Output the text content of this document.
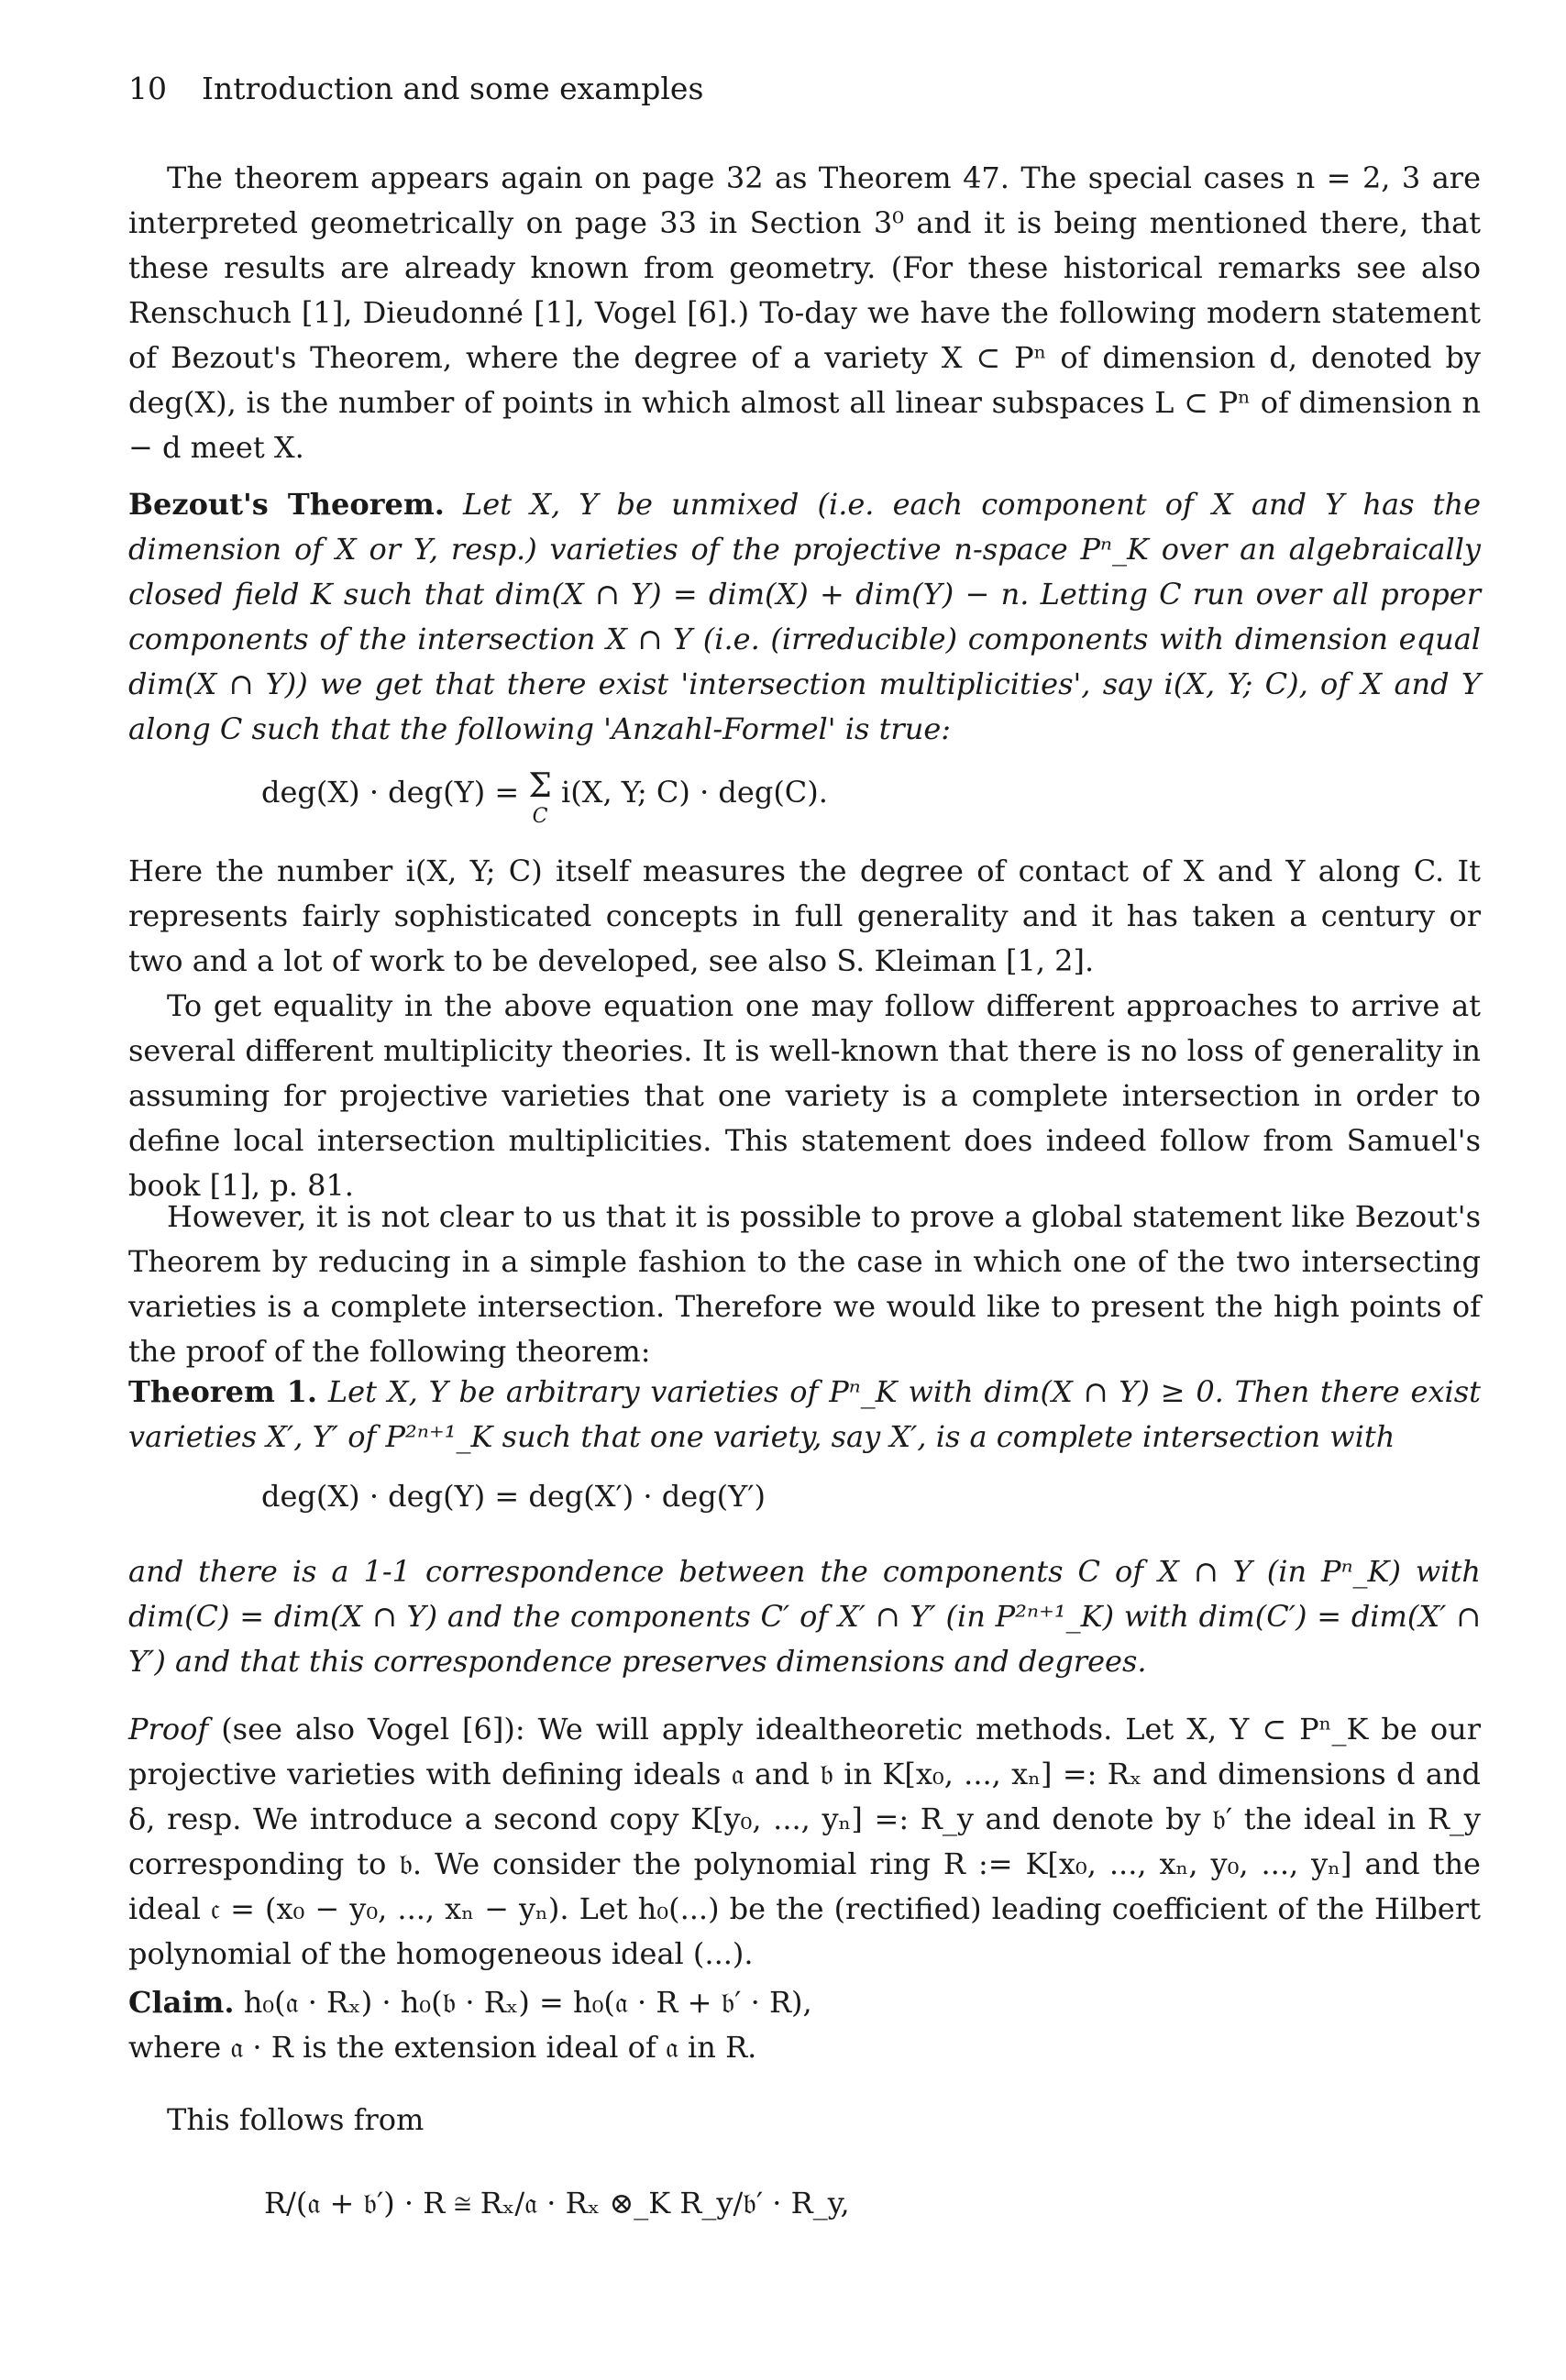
10 Introduction and some examples

The theorem appears again on page 32 as Theorem 47. The special cases n = 2, 3 are interpreted geometrically on page 33 in Section 3⁰ and it is being mentioned there, that these results are already known from geometry. (For these historical remarks see also Renschuch [1], Dieudonné [1], Vogel [6].) To-day we have the following modern statement of Bezout's Theorem, where the degree of a variety X ⊂ Pⁿ of dimension d, denoted by deg(X), is the number of points in which almost all linear subspaces L ⊂ Pⁿ of dimension n − d meet X.

Bezout's Theorem. Let X, Y be unmixed (i.e. each component of X and Y has the dimension of X or Y, resp.) varieties of the projective n-space Pⁿ_K over an algebraically closed field K such that dim(X ∩ Y) = dim(X) + dim(Y) − n. Letting C run over all proper components of the intersection X ∩ Y (i.e. (irreducible) components with dimension equal dim(X ∩ Y)) we get that there exist 'intersection multiplicities', say i(X, Y; C), of X and Y along C such that the following 'Anzahl-Formel' is true:

deg(X) · deg(Y) = Σ
C
i(X, Y; C) · deg(C).

Here the number i(X, Y; C) itself measures the degree of contact of X and Y along C. It represents fairly sophisticated concepts in full generality and it has taken a century or two and a lot of work to be developed, see also S. Kleiman [1, 2].

To get equality in the above equation one may follow different approaches to arrive at several different multiplicity theories. It is well-known that there is no loss of generality in assuming for projective varieties that one variety is a complete intersection in order to define local intersection multiplicities. This statement does indeed follow from Samuel's book [1], p. 81.

However, it is not clear to us that it is possible to prove a global statement like Bezout's Theorem by reducing in a simple fashion to the case in which one of the two intersecting varieties is a complete intersection. Therefore we would like to present the high points of the proof of the following theorem:

Theorem 1. Let X, Y be arbitrary varieties of Pⁿ_K with dim(X ∩ Y) ≥ 0. Then there exist varieties X′, Y′ of P²ⁿ⁺¹_K such that one variety, say X′, is a complete intersection with

deg(X) · deg(Y) = deg(X′) · deg(Y′)

and there is a 1-1 correspondence between the components C of X ∩ Y (in Pⁿ_K) with dim(C) = dim(X ∩ Y) and the components C′ of X′ ∩ Y′ (in P²ⁿ⁺¹_K) with dim(C′) = dim(X′ ∩ Y′) and that this correspondence preserves dimensions and degrees.

Proof (see also Vogel [6]): We will apply idealtheoretic methods. Let X, Y ⊂ Pⁿ_K be our projective varieties with defining ideals 𝔞 and 𝔟 in K[x₀, ..., xₙ] =: Rₓ and dimensions d and δ, resp. We introduce a second copy K[y₀, ..., yₙ] =: R_y and denote by 𝔟′ the ideal in R_y corresponding to 𝔟. We consider the polynomial ring R := K[x₀, ..., xₙ, y₀, ..., yₙ] and the ideal 𝔠 = (x₀ − y₀, ..., xₙ − yₙ). Let h₀(...) be the (rectified) leading coefficient of the Hilbert polynomial of the homogeneous ideal (...).

Claim. h₀(𝔞 · Rₓ) · h₀(𝔟 · Rₓ) = h₀(𝔞 · R + 𝔟′ · R),
where 𝔞 · R is the extension ideal of 𝔞 in R.

This follows from
R/(𝔞 + 𝔟′) · R ≅ Rₓ/𝔞 · Rₓ ⊗_K R_y/𝔟′ · R_y,
